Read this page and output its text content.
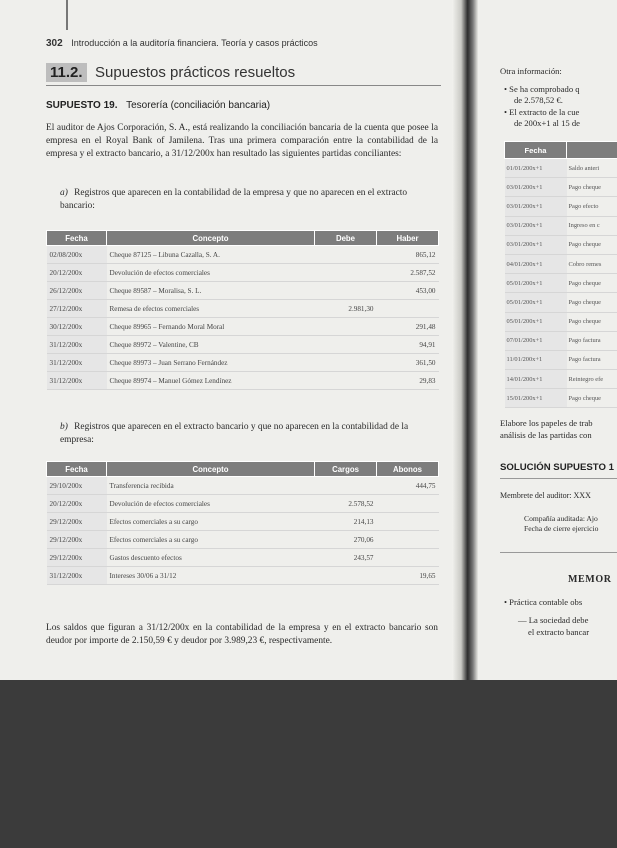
302 Introducción a la auditoría financiera. Teoría y casos prácticos
11.2. Supuestos prácticos resueltos
SUPUESTO 19. Tesorería (conciliación bancaria)
El auditor de Ajos Corporación, S. A., está realizando la conciliación bancaria de la cuenta que posee la empresa en el Royal Bank of Jamilena. Tras una primera comparación entre la contabilidad de la empresa y el extracto bancario, a 31/12/200x han resultado las siguientes partidas conciliantes:
a) Registros que aparecen en la contabilidad de la empresa y que no aparecen en el extracto bancario:
Fecha	Concepto	Debe	Haber
02/08/200x	Cheque 87125 – Libuna Cazalla, S. A.		865,12
20/12/200x	Devolución de efectos comerciales		2.587,52
26/12/200x	Cheque 89587 – Moralisa, S. L.		453,00
27/12/200x	Remesa de efectos comerciales	2.981,30	
30/12/200x	Cheque 89965 – Fernando Moral Moral		291,48
31/12/200x	Cheque 89972 – Valentine, CB		94,91
31/12/200x	Cheque 89973 – Juan Serrano Fernández		361,50
31/12/200x	Cheque 89974 – Manuel Gómez Lendínez		29,83
b) Registros que aparecen en el extracto bancario y que no aparecen en la contabilidad de la empresa:
Fecha	Concepto	Cargos	Abonos
29/10/200x	Transferencia recibida		444,75
20/12/200x	Devolución de efectos comerciales	2.578,52	
29/12/200x	Efectos comerciales a su cargo	214,13	
29/12/200x	Efectos comerciales a su cargo	270,06	
29/12/200x	Gastos descuento efectos	243,57	
31/12/200x	Intereses 30/06 a 31/12		19,65
Los saldos que figuran a 31/12/200x en la contabilidad de la empresa y en el extracto bancario son deudor por importe de 2.150,59 € y deudor por 3.989,23 €, respectivamente.
Otra información:
• Se ha comprobado q
de 2.578,52 €.
• El extracto de la cue
de 200x+1 al 15 de
Fecha	
01/01/200x+1	Saldo anteri
03/01/200x+1	Pago cheque
03/01/200x+1	Pago efecto
03/01/200x+1	Ingreso en c
03/01/200x+1	Pago cheque
04/01/200x+1	Cobro remes
05/01/200x+1	Pago cheque
05/01/200x+1	Pago cheque
05/01/200x+1	Pago cheque
07/01/200x+1	Pago factura
11/01/200x+1	Pago factura
14/01/200x+1	Reintegro efe
15/01/200x+1	Pago cheque
Elabore los papeles de trab
análisis de las partidas con
SOLUCIÓN SUPUESTO 1
Membrete del auditor: XXX
Compañía auditada: Ajo
Fecha de cierre ejercicio
MEMOR
• Práctica contable obs
— La sociedad debe
el extracto bancar
